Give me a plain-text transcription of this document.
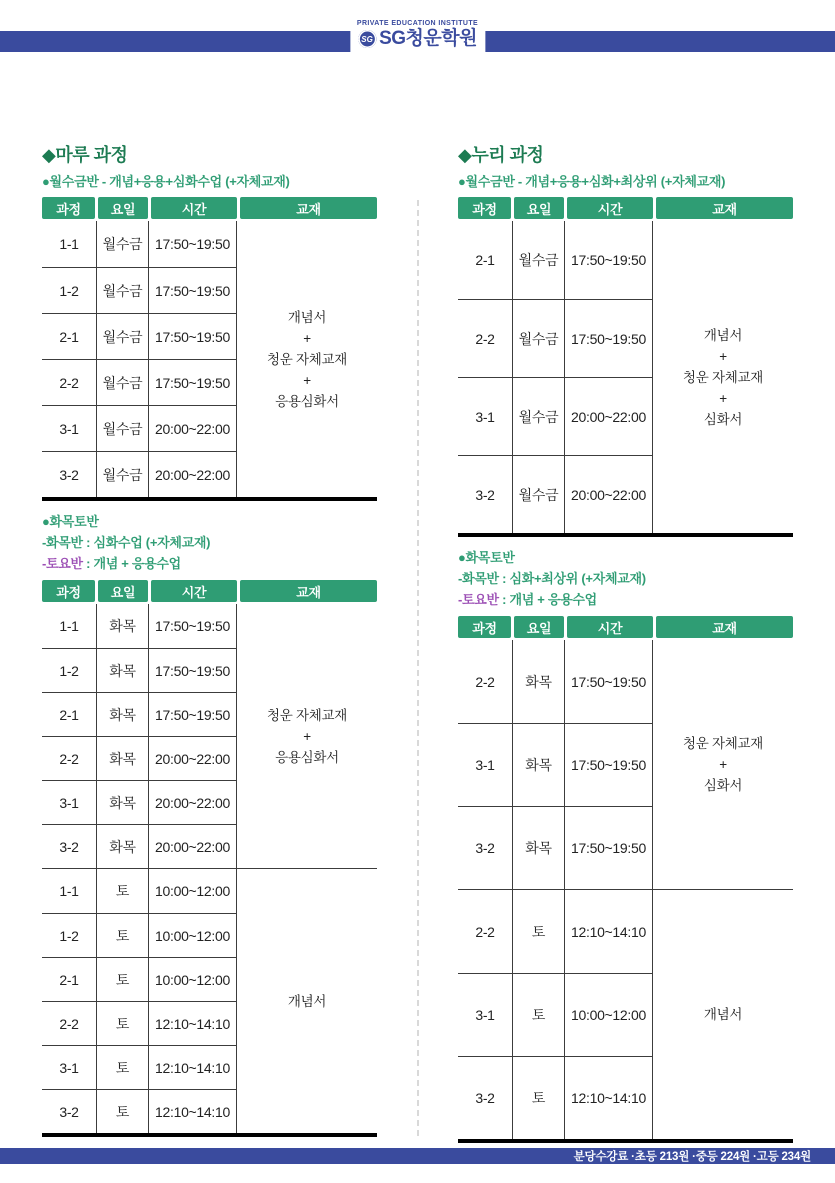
PRIVATE EDUCATION INSTITUTE
SG SG청운학원
◆마루 과정

●월수금반 - 개념+응용+심화수업 (+자체교재)

과정	요일	시간	교재
1-1	월수금 17:50~19:50
1-2	월수금 17:50~19:50
2-1	월수금 17:50~19:50
2-2	월수금 17:50~19:50
3-1	월수금 20:00~22:00
3-2	월수금 20:00~22:00
개념서
+
청운 자체교재
+
응용심화서

●화목토반

-화목반 : 심화수업 (+자체교재)

-토요반 : 개념 + 응용수업

과정	요일	시간	교재
1-1	화목	17:50~19:50
1-2	화목	17:50~19:50
2-1	화목	17:50~19:50
2-2	화목	20:00~22:00
3-1	화목	20:00~22:00
3-2	화목	20:00~22:00
청운 자체교재
+
응용심화서
1-1	토	10:00~12:00
1-2	토	10:00~12:00
2-1	토	10:00~12:00
2-2	토	12:10~14:10
3-1	토	12:10~14:10
3-2	토	12:10~14:10
개념서
◆누리 과정

●월수금반 - 개념+응용+심화+최상위 (+자체교재)

과정	요일	시간	교재
2-1	월수금 17:50~19:50
2-2	월수금 17:50~19:50
3-1	월수금 20:00~22:00
3-2	월수금 20:00~22:00
개념서
+
청운 자체교재
+
심화서

●화목토반

-화목반 : 심화+최상위 (+자체교재)

-토요반 : 개념 + 응용수업

과정	요일	시간	교재
2-2	화목	17:50~19:50
3-1	화목	17:50~19:50
3-2	화목	17:50~19:50
청운 자체교재
+
심화서
2-2	토	12:10~14:10
3-1	토	10:00~12:00
3-2	토	12:10~14:10
개념서
분당수강료 ·초등 213원 ·중등 224원 ·고등 234원
